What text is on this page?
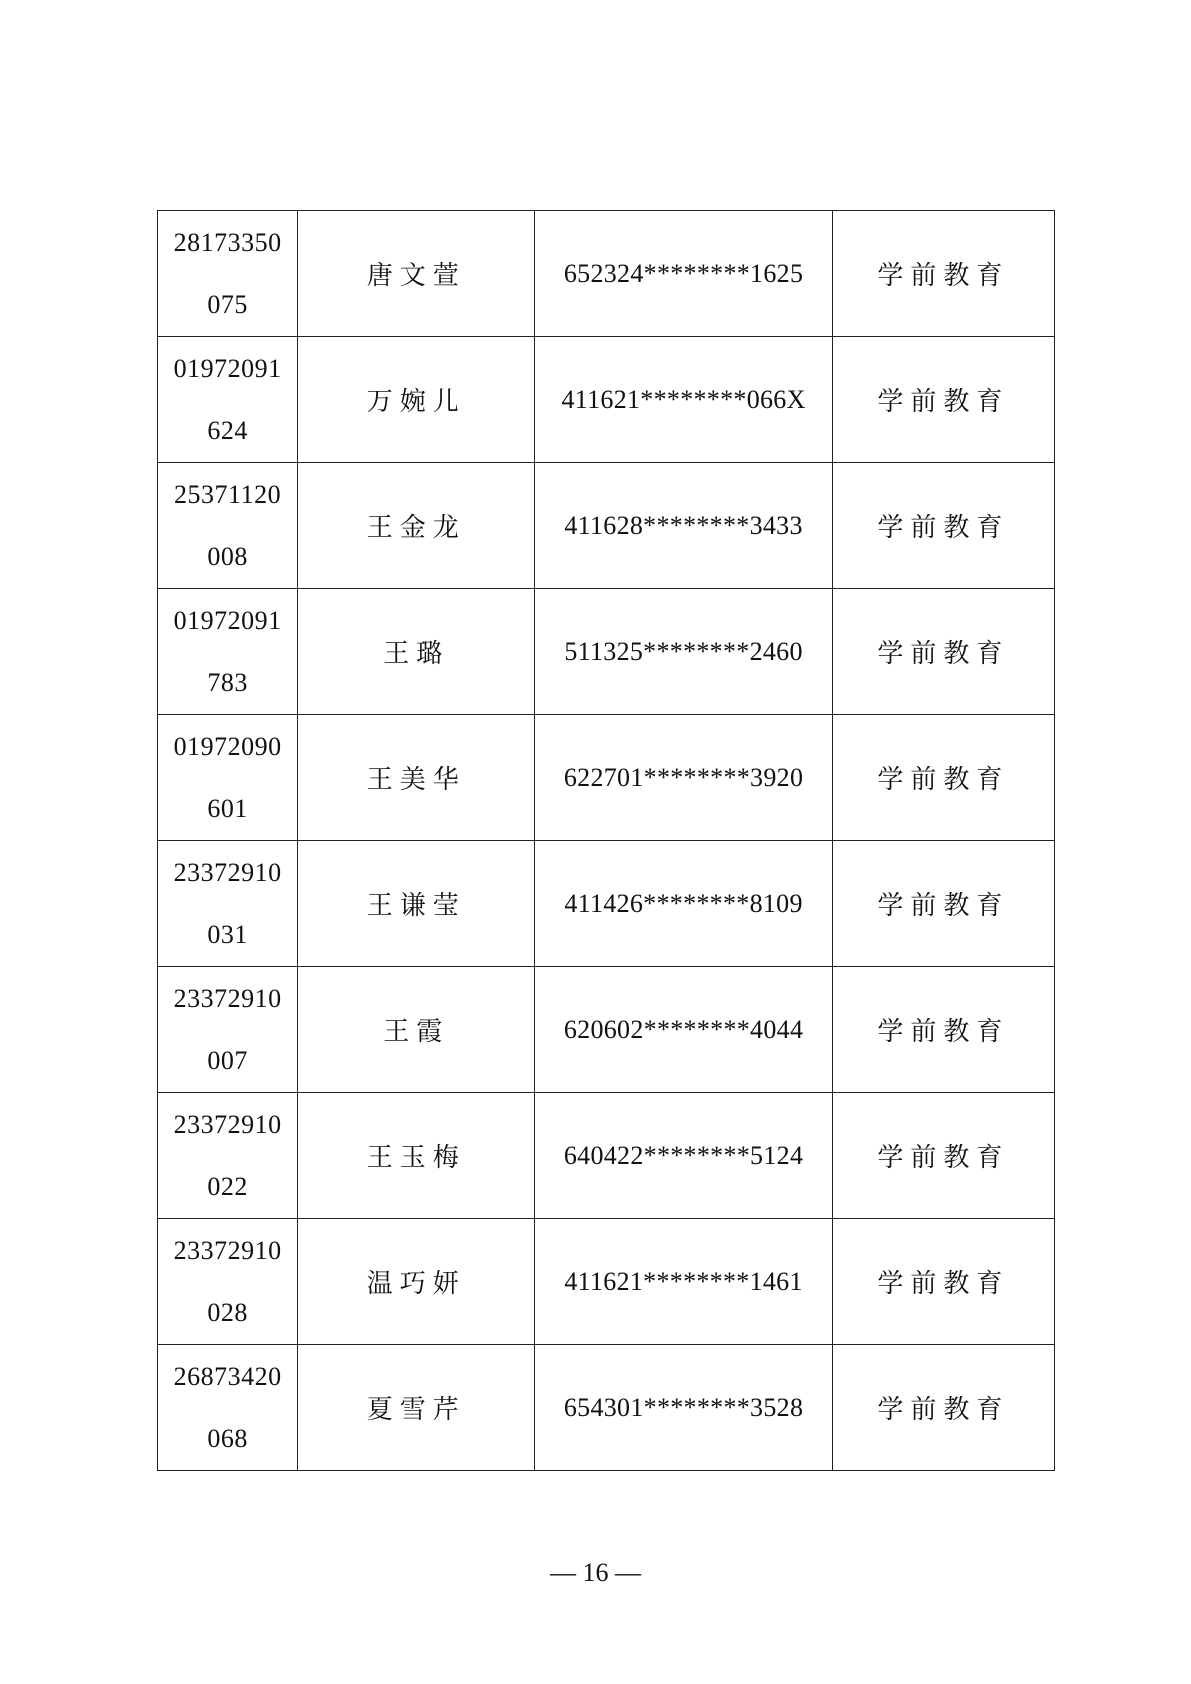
28173350
075	唐文萱	652324********1625	学前教育

01972091
624	万婉儿	411621********066X	学前教育

25371120
008	王金龙	411628********3433	学前教育

01972091
783	王璐	511325********2460	学前教育

01972090
601	王美华	622701********3920	学前教育

23372910
031	王谦莹	411426********8109	学前教育

23372910
007	王霞	620602********4044	学前教育

23372910
022	王玉梅	640422********5124	学前教育

23372910
028	温巧妍	411621********1461	学前教育

26873420
068	夏雪芹	654301********3528	学前教育
— 16 —
